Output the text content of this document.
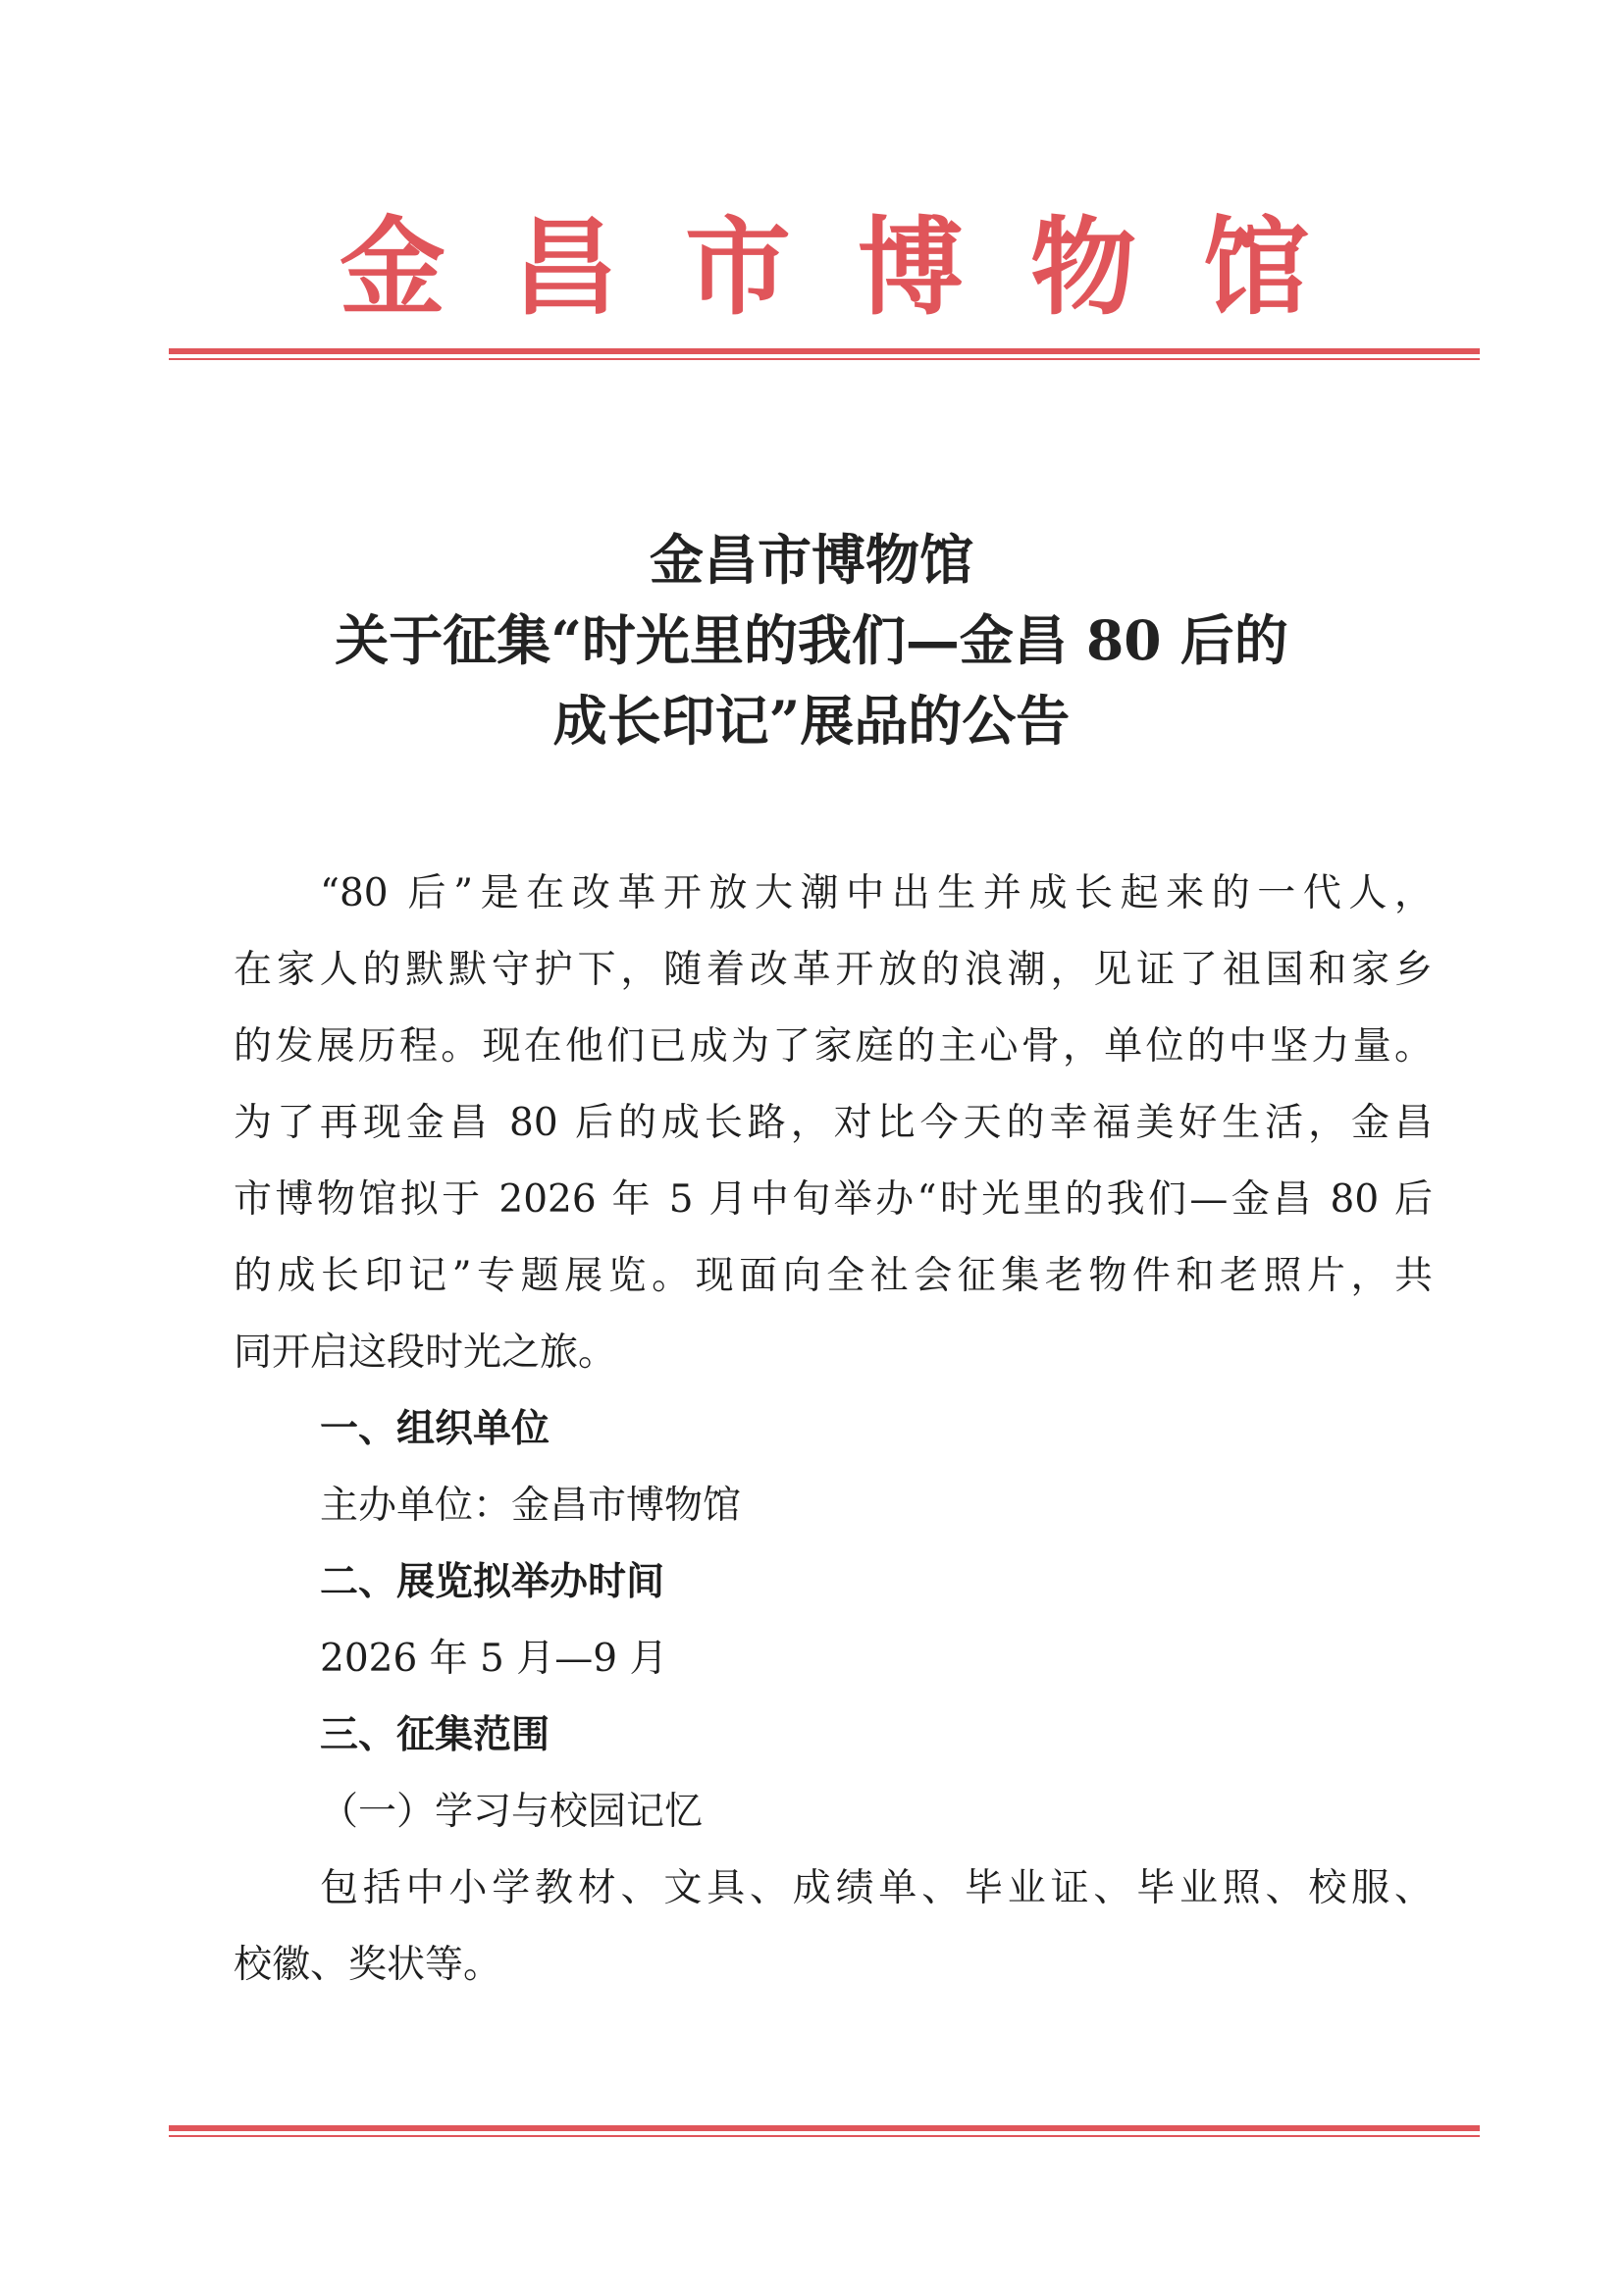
金昌市博物馆
金昌市博物馆
关于征集“时光里的我们—金昌 80 后的
成长印记”展品的公告
“80 后”是在改革开放大潮中出生并成长起来的一代人，
在家人的默默守护下，随着改革开放的浪潮，见证了祖国和家乡
的发展历程。现在他们已成为了家庭的主心骨，单位的中坚力量。
为了再现金昌 80 后的成长路，对比今天的幸福美好生活，金昌
市博物馆拟于 2026 年 5 月中旬举办“时光里的我们—金昌 80 后
的成长印记”专题展览。现面向全社会征集老物件和老照片，共
同开启这段时光之旅。
一、组织单位
主办单位：金昌市博物馆
二、展览拟举办时间
2026 年 5 月—9 月
三、征集范围
（一）学习与校园记忆
包括中小学教材、文具、成绩单、毕业证、毕业照、校服、
校徽、奖状等。
